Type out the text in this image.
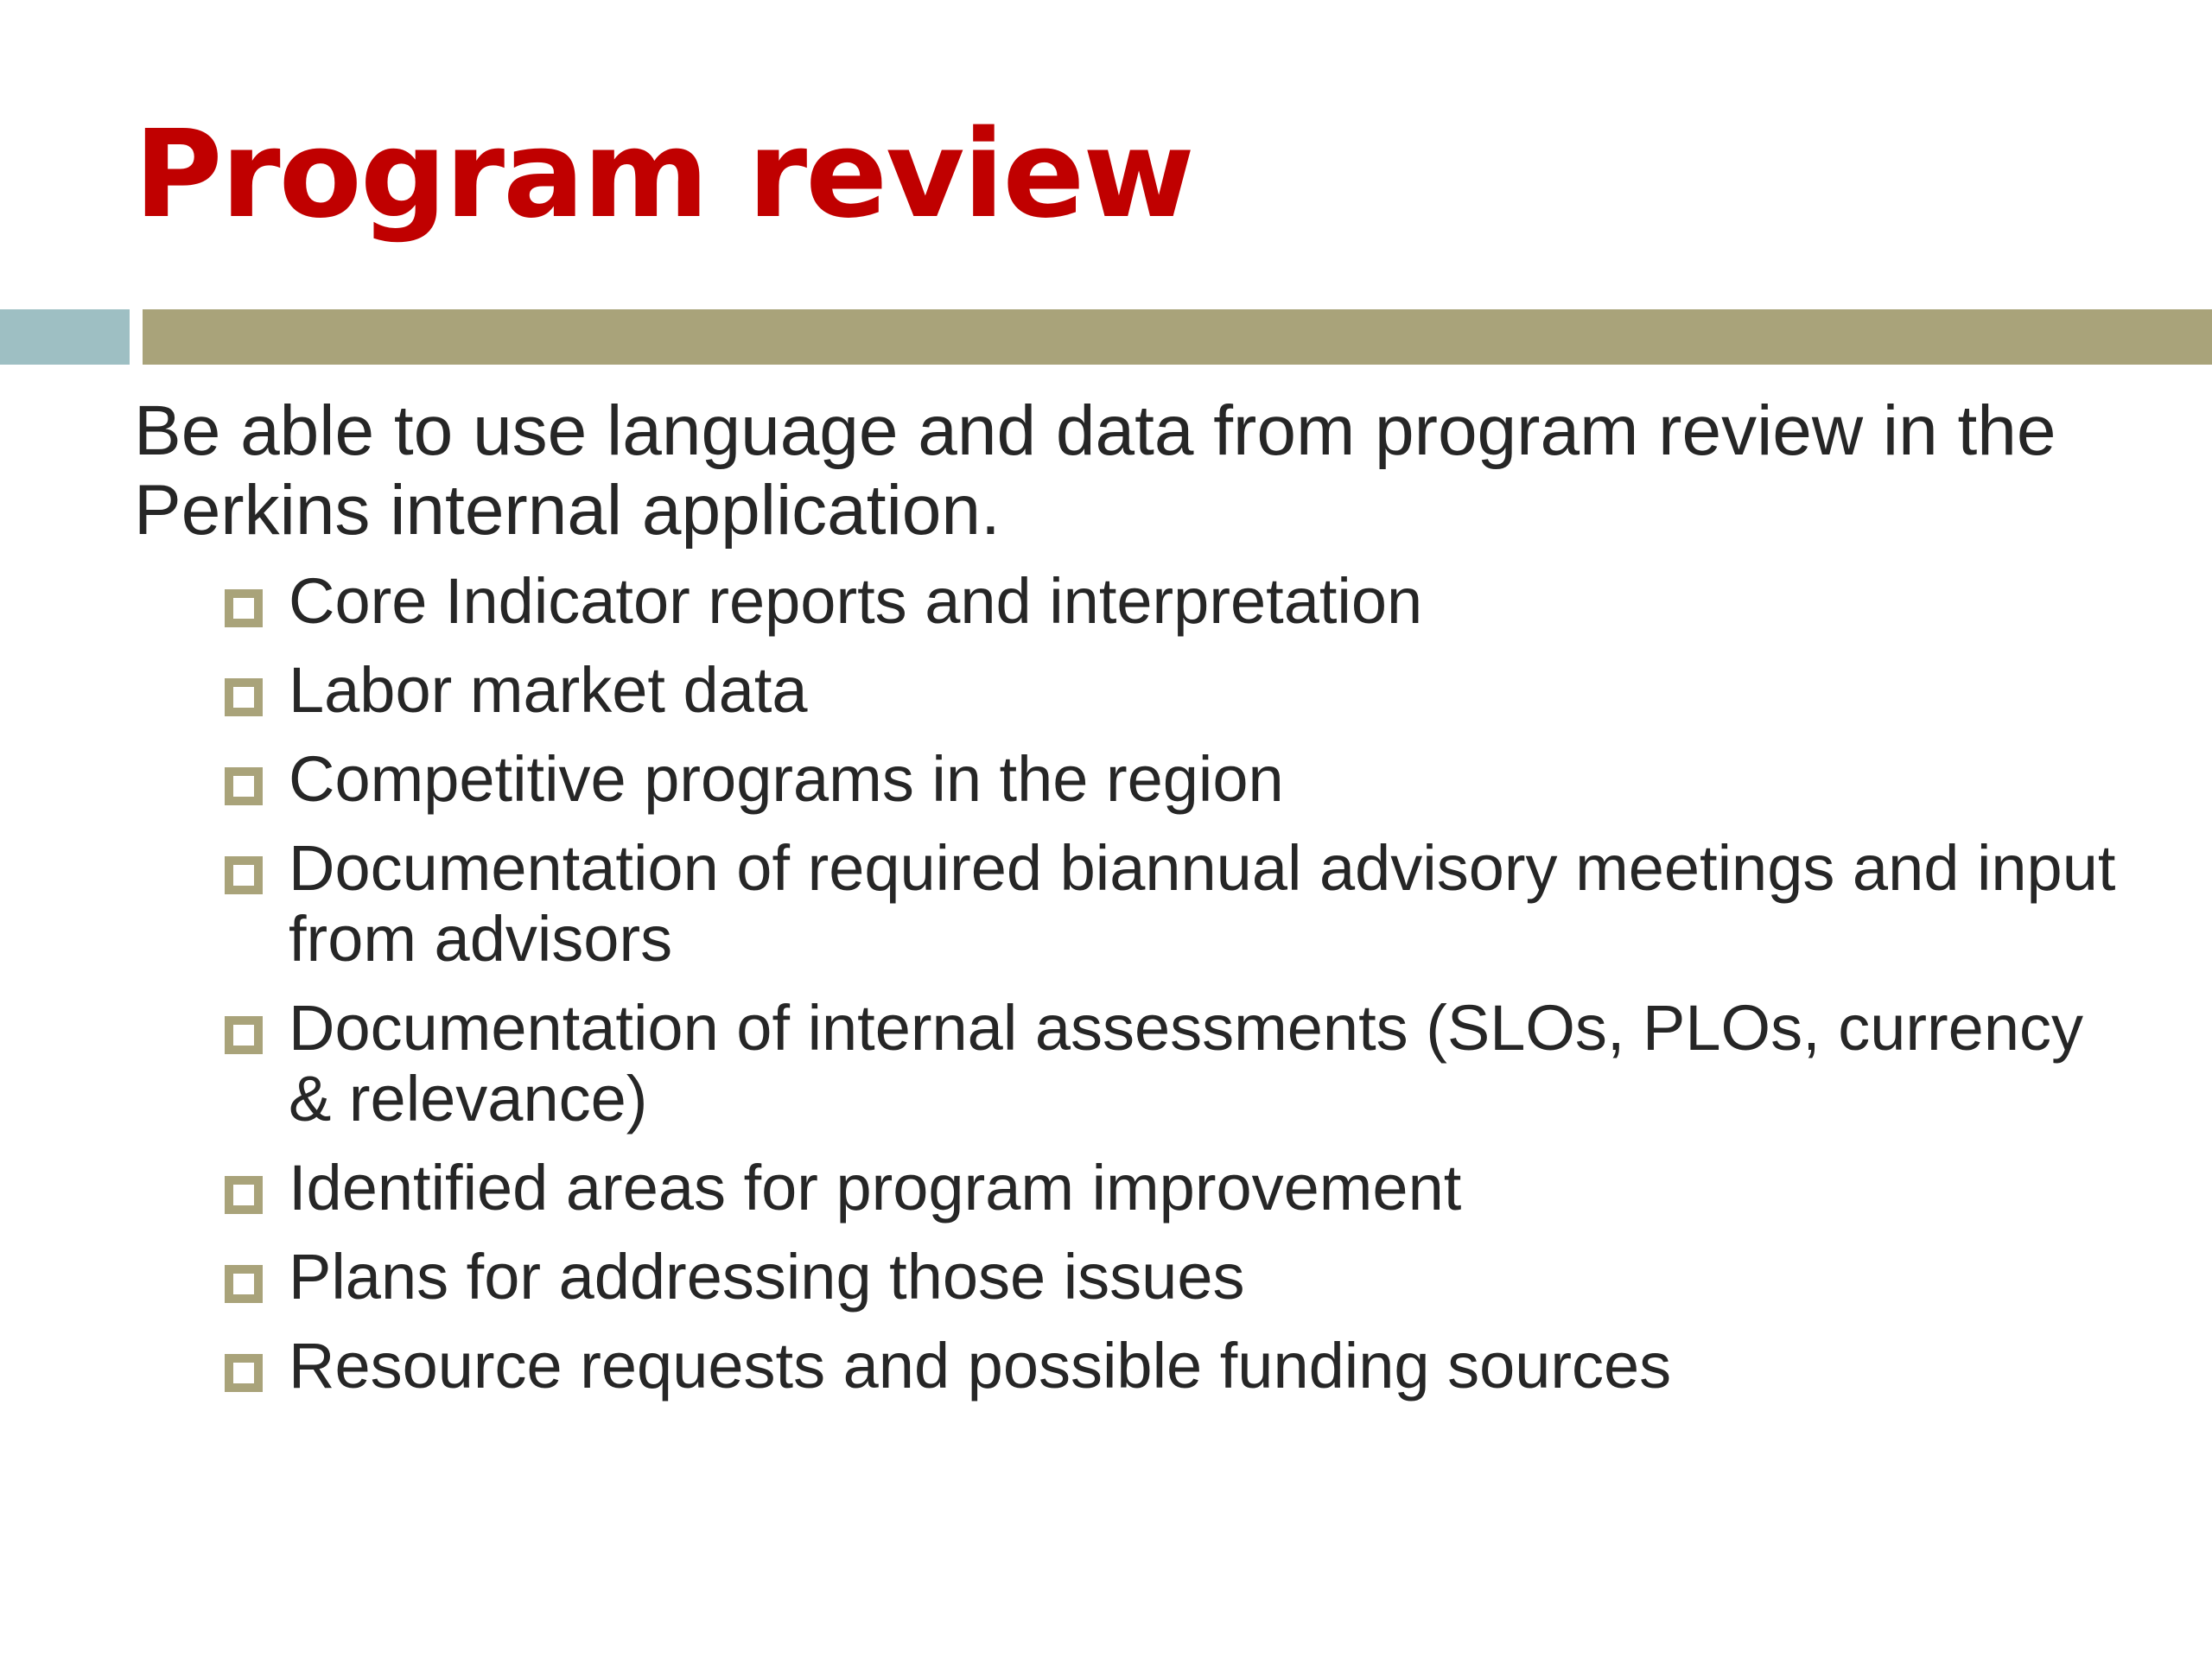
Program review

Be able to use language and data from program review in the Perkins internal application.

Core Indicator reports and interpretation
Labor market data
Competitive programs in the region
Documentation of required biannual advisory meetings and input from advisors
Documentation of internal assessments (SLOs, PLOs, currency & relevance)
Identified areas for program improvement
Plans for addressing those issues
Resource requests and possible funding sources
